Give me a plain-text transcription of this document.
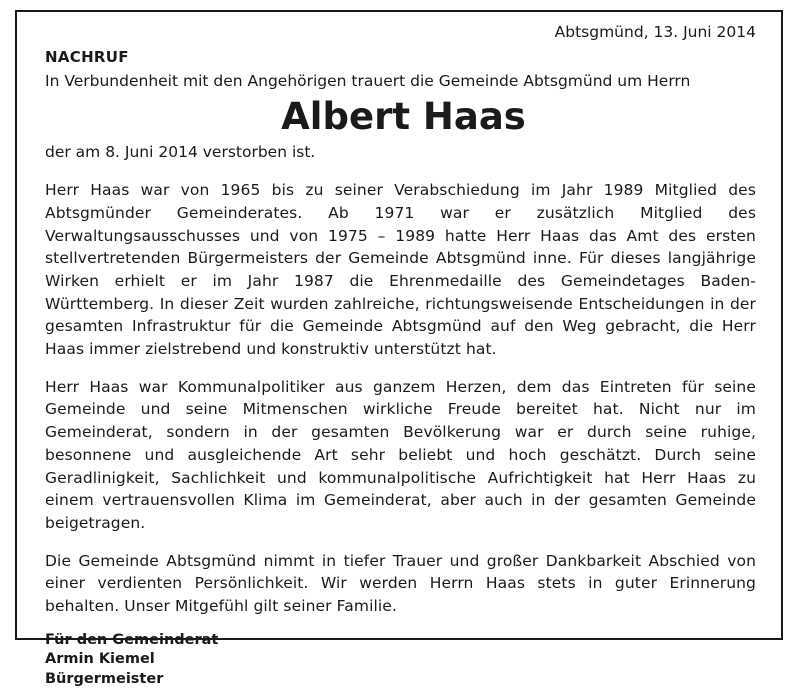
Abtsgmünd, 13. Juni 2014
NACHRUF
In Verbundenheit mit den Angehörigen trauert die Gemeinde Abtsgmünd um Herrn
Albert Haas
der am 8. Juni 2014 verstorben ist.

Herr Haas war von 1965 bis zu seiner Verabschiedung im Jahr 1989 Mitglied des Abtsgmünder Gemeinderates. Ab 1971 war er zusätzlich Mitglied des Verwaltungsausschusses und von 1975 – 1989 hatte Herr Haas das Amt des ersten stellvertretenden Bürgermeisters der Gemeinde Abtsgmünd inne. Für dieses langjährige Wirken erhielt er im Jahr 1987 die Ehrenmedaille des Gemeindetages Baden-Württemberg. In dieser Zeit wurden zahlreiche, richtungsweisende Entscheidungen in der gesamten Infrastruktur für die Gemeinde Abtsgmünd auf den Weg gebracht, die Herr Haas immer zielstrebend und konstruktiv unterstützt hat.

Herr Haas war Kommunalpolitiker aus ganzem Herzen, dem das Eintreten für seine Gemeinde und seine Mitmenschen wirkliche Freude bereitet hat. Nicht nur im Gemeinderat, sondern in der gesamten Bevölkerung war er durch seine ruhige, besonnene und ausgleichende Art sehr beliebt und hoch geschätzt. Durch seine Geradlinigkeit, Sachlichkeit und kommunalpolitische Aufrichtigkeit hat Herr Haas zu einem vertrauensvollen Klima im Gemeinderat, aber auch in der gesamten Gemeinde beigetragen.

Die Gemeinde Abtsgmünd nimmt in tiefer Trauer und großer Dankbarkeit Abschied von einer verdienten Persönlichkeit. Wir werden Herrn Haas stets in guter Erinnerung behalten. Unser Mitgefühl gilt seiner Familie.

Für den Gemeinderat
Armin Kiemel
Bürgermeister
